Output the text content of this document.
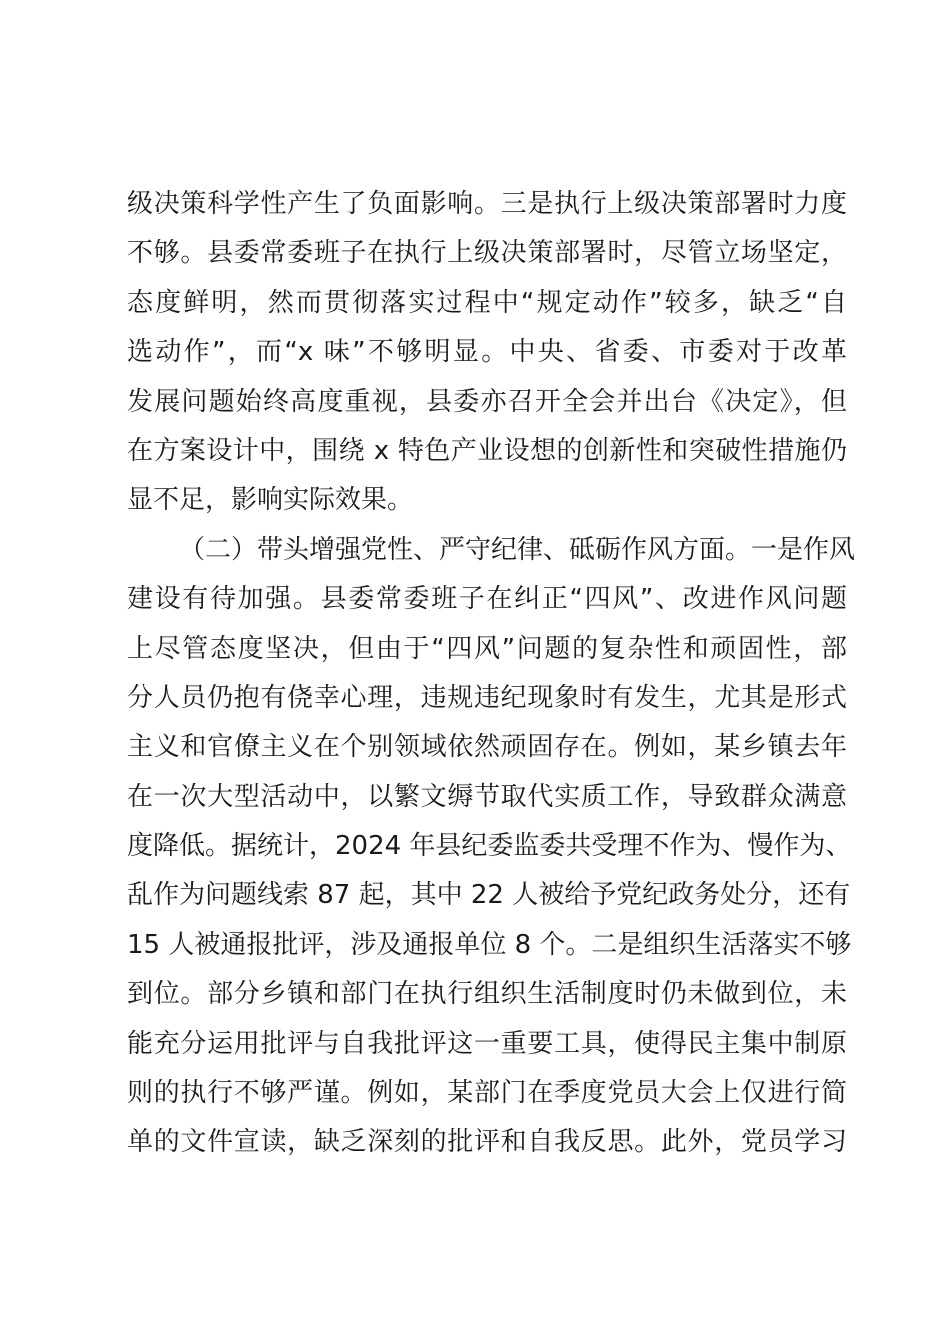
级决策科学性产生了负面影响。三是执行上级决策部署时力度
不够。县委常委班子在执行上级决策部署时，尽管立场坚定，
态度鲜明，然而贯彻落实过程中“规定动作”较多，缺乏“自
选动作”，而“x 味”不够明显。中央、省委、市委对于改革
发展问题始终高度重视，县委亦召开全会并出台《决定》，但
在方案设计中，围绕 x 特色产业设想的创新性和突破性措施仍
显不足，影响实际效果。
（二）带头增强党性、严守纪律、砥砺作风方面。一是作风
建设有待加强。县委常委班子在纠正“四风”、改进作风问题
上尽管态度坚决，但由于“四风”问题的复杂性和顽固性，部
分人员仍抱有侥幸心理，违规违纪现象时有发生，尤其是形式
主义和官僚主义在个别领域依然顽固存在。例如，某乡镇去年
在一次大型活动中，以繁文缛节取代实质工作，导致群众满意
度降低。据统计，2024 年县纪委监委共受理不作为、慢作为、
乱作为问题线索 87 起，其中 22 人被给予党纪政务处分，还有
15 人被通报批评，涉及通报单位 8 个。二是组织生活落实不够
到位。部分乡镇和部门在执行组织生活制度时仍未做到位，未
能充分运用批评与自我批评这一重要工具，使得民主集中制原
则的执行不够严谨。例如，某部门在季度党员大会上仅进行简
单的文件宣读，缺乏深刻的批评和自我反思。此外，党员学习
